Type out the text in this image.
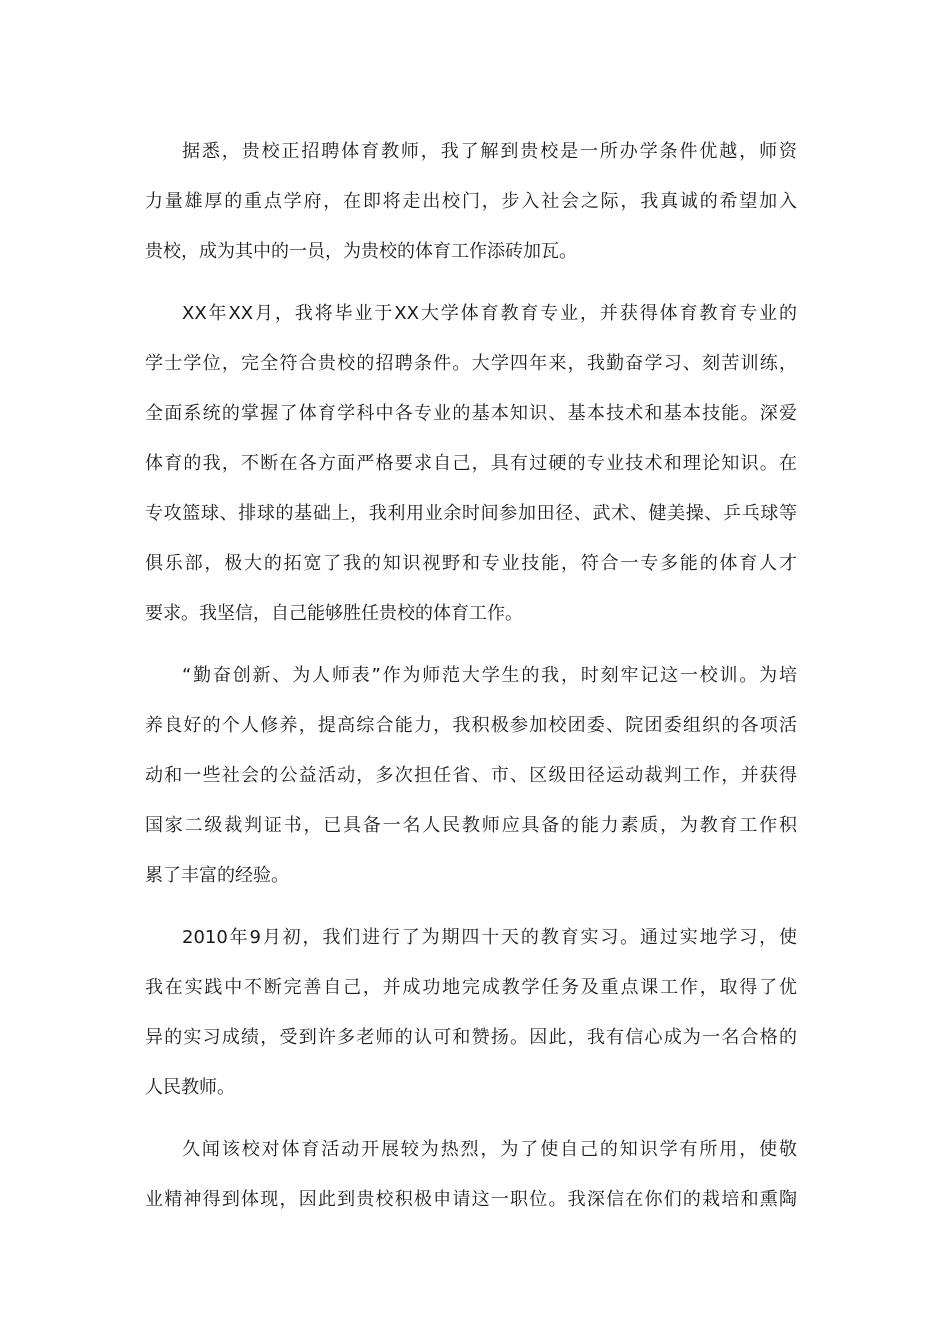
据悉，贵校正招聘体育教师，我了解到贵校是一所办学条件优越，师资
力量雄厚的重点学府，在即将走出校门，步入社会之际，我真诚的希望加入
贵校，成为其中的一员，为贵校的体育工作添砖加瓦。
XX年XX月，我将毕业于XX大学体育教育专业，并获得体育教育专业的
学士学位，完全符合贵校的招聘条件。大学四年来，我勤奋学习、刻苦训练，
全面系统的掌握了体育学科中各专业的基本知识、基本技术和基本技能。深爱
体育的我，不断在各方面严格要求自己，具有过硬的专业技术和理论知识。在
专攻篮球、排球的基础上，我利用业余时间参加田径、武术、健美操、乒乓球等
俱乐部，极大的拓宽了我的知识视野和专业技能，符合一专多能的体育人才
要求。我坚信，自己能够胜任贵校的体育工作。
“勤奋创新、为人师表”作为师范大学生的我，时刻牢记这一校训。为培
养良好的个人修养，提高综合能力，我积极参加校团委、院团委组织的各项活
动和一些社会的公益活动，多次担任省、市、区级田径运动裁判工作，并获得
国家二级裁判证书，已具备一名人民教师应具备的能力素质，为教育工作积
累了丰富的经验。
2010年9月初，我们进行了为期四十天的教育实习。通过实地学习，使
我在实践中不断完善自己，并成功地完成教学任务及重点课工作，取得了优
异的实习成绩，受到许多老师的认可和赞扬。因此，我有信心成为一名合格的
人民教师。
久闻该校对体育活动开展较为热烈，为了使自己的知识学有所用，使敬
业精神得到体现，因此到贵校积极申请这一职位。我深信在你们的栽培和熏陶
